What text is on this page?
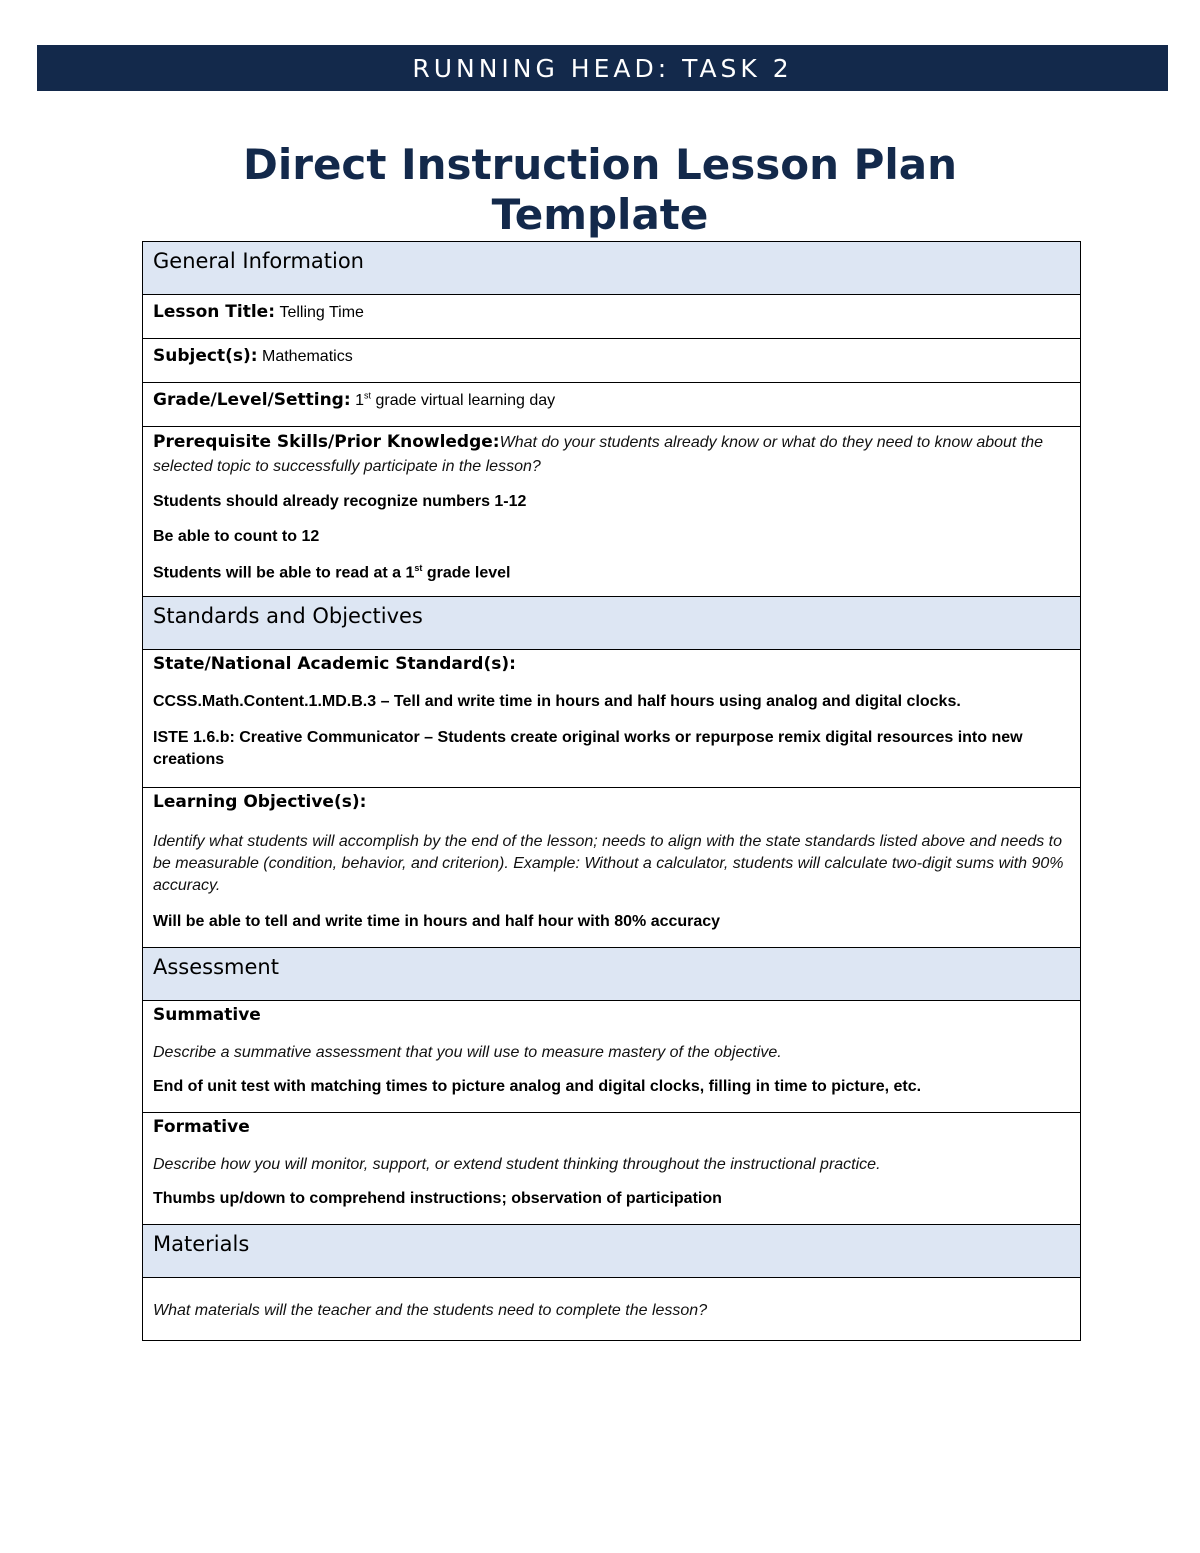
RUNNING HEAD: TASK 2
Direct Instruction Lesson Plan
Template
General Information

Lesson Title: Telling Time

Subject(s): Mathematics

Grade/Level/Setting: 1st grade virtual learning day

Prerequisite Skills/Prior Knowledge:What do your students already know or what do they need to know about the selected topic to successfully participate in the lesson?

Students should already recognize numbers 1-12

Be able to count to 12

Students will be able to read at a 1st grade level

Standards and Objectives

State/National Academic Standard(s):

CCSS.Math.Content.1.MD.B.3 – Tell and write time in hours and half hours using analog and digital clocks.

ISTE 1.6.b: Creative Communicator – Students create original works or repurpose remix digital resources into new creations

Learning Objective(s):

Identify what students will accomplish by the end of the lesson; needs to align with the state standards listed above and needs to be measurable (condition, behavior, and criterion). Example: Without a calculator, students will calculate two-digit sums with 90% accuracy.

Will be able to tell and write time in hours and half hour with 80% accuracy

Assessment

Summative

Describe a summative assessment that you will use to measure mastery of the objective.

End of unit test with matching times to picture analog and digital clocks, filling in time to picture, etc.

Formative

Describe how you will monitor, support, or extend student thinking throughout the instructional practice.

Thumbs up/down to comprehend instructions; observation of participation

Materials

What materials will the teacher and the students need to complete the lesson?
